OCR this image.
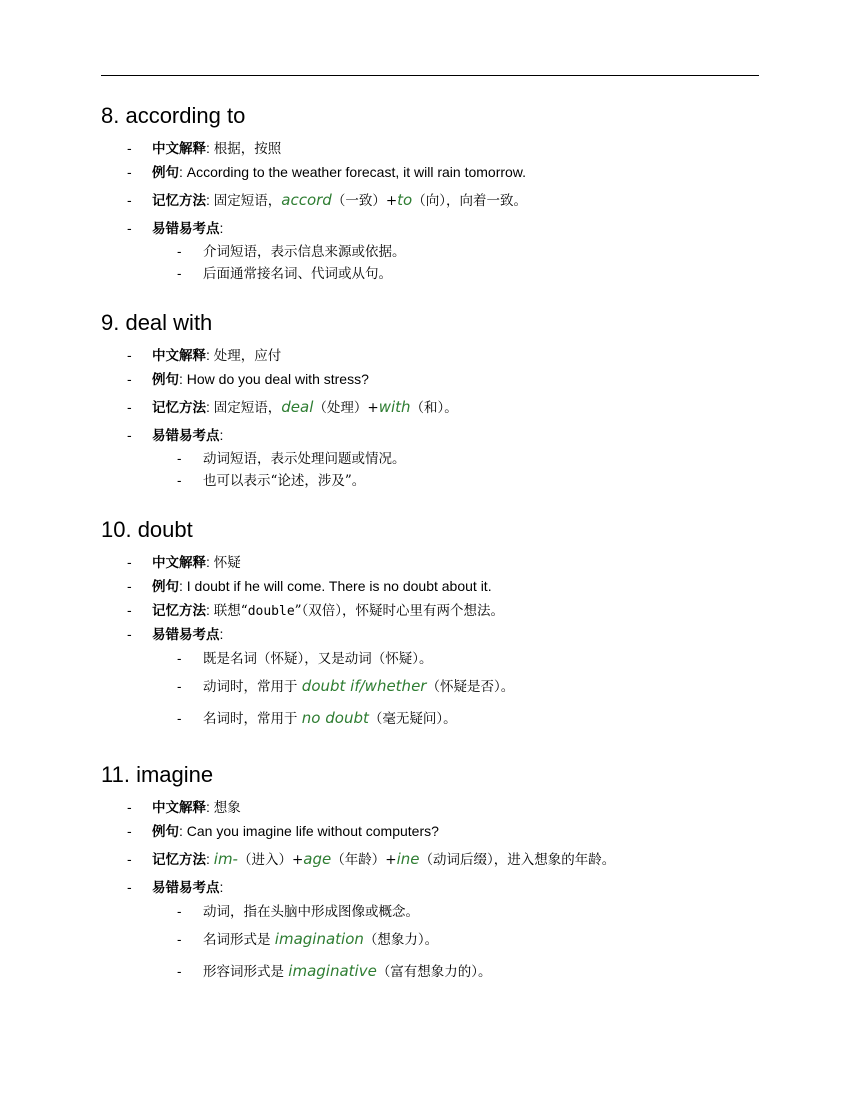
8. according to
- 中文解释: 根据，按照
- 例句: According to the weather forecast, it will rain tomorrow.
- 记忆方法: 固定短语，accord（一致）+to（向），向着一致。
- 易错易考点:
- 介词短语，表示信息来源或依据。
- 后面通常接名词、代词或从句。
9. deal with
- 中文解释: 处理，应付
- 例句: How do you deal with stress?
- 记忆方法: 固定短语，deal（处理）+with（和）。
- 易错易考点:
- 动词短语，表示处理问题或情况。
- 也可以表示“论述，涉及”。
10. doubt
- 中文解释: 怀疑
- 例句: I doubt if he will come. There is no doubt about it.
- 记忆方法: 联想“double”（双倍），怀疑时心里有两个想法。
- 易错易考点:
- 既是名词（怀疑），又是动词（怀疑）。
- 动词时，常用于 doubt if/whether（怀疑是否）。
- 名词时，常用于 no doubt（毫无疑问）。
11. imagine
- 中文解释: 想象
- 例句: Can you imagine life without computers?
- 记忆方法: im-（进入）+age（年龄）+ine（动词后缀），进入想象的年龄。
- 易错易考点:
- 动词，指在头脑中形成图像或概念。
- 名词形式是 imagination（想象力）。
- 形容词形式是 imaginative（富有想象力的）。
